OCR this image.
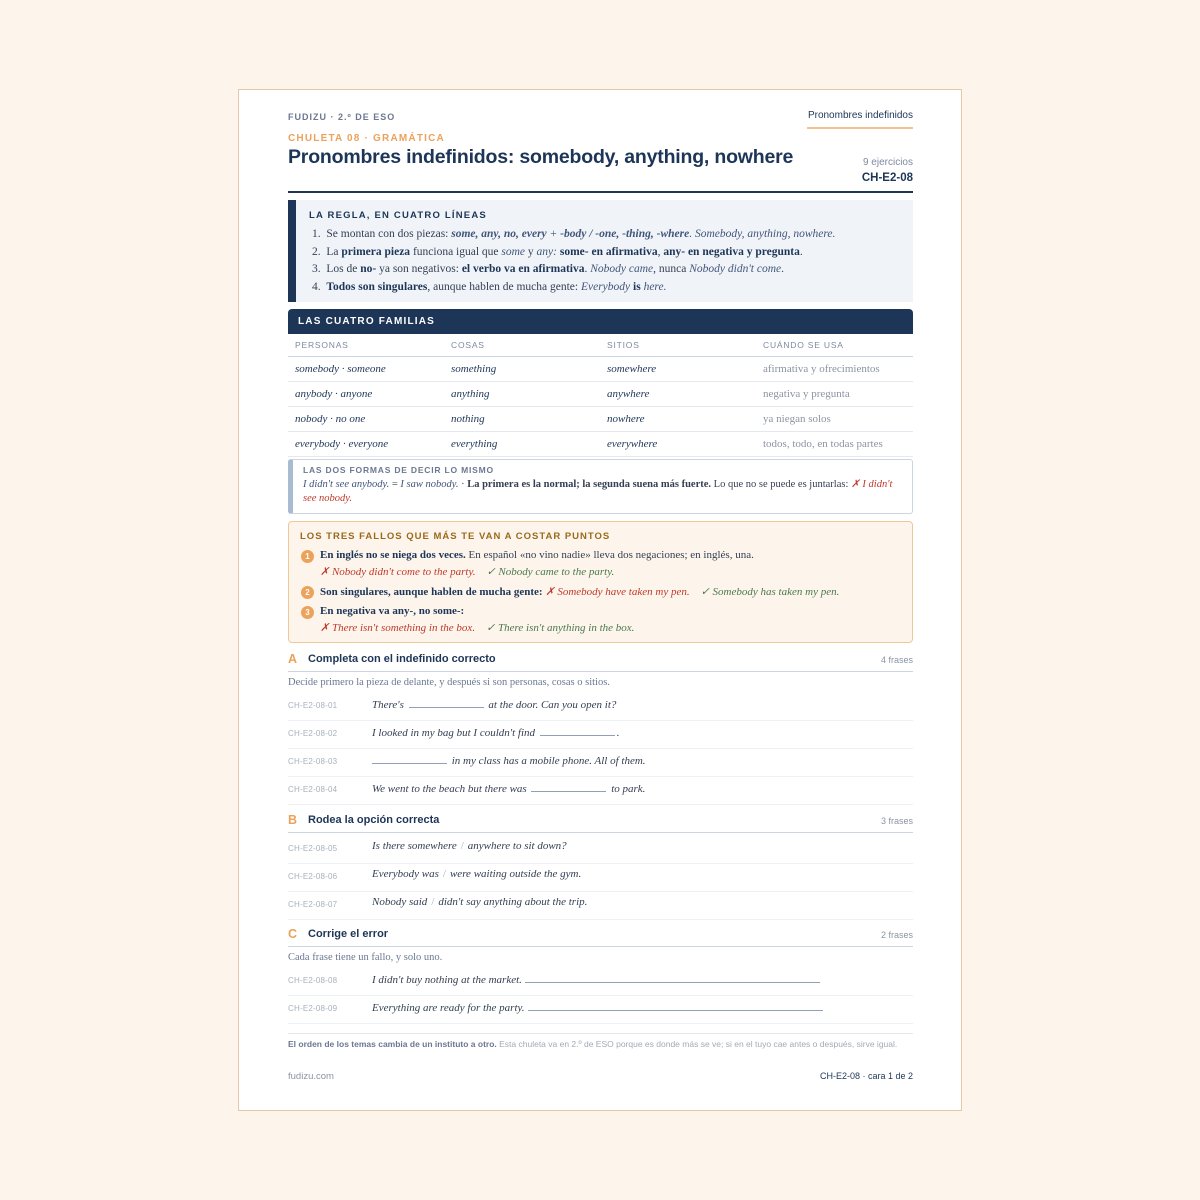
FUDIZU · 2.º DE ESO	Pronombres indefinidos
CHULETA 08 · GRAMÁTICA
Pronombres indefinidos: somebody, anything, nowhere	9 ejercicios
CH-E2-08
LA REGLA, EN CUATRO LÍNEAS
1.  Se montan con dos piezas: some, any, no, every + -body / -one, -thing, -where. Somebody, anything, nowhere.
2.  La primera pieza funciona igual que some y any: some- en afirmativa, any- en negativa y pregunta.
3.  Los de no- ya son negativos: el verbo va en afirmativa. Nobody came, nunca Nobody didn't come.
4.  Todos son singulares, aunque hablen de mucha gente: Everybody is here.
LAS CUATRO FAMILIAS
PERSONAS	COSAS	SITIOS	CUÁNDO SE USA
somebody · someone	something	somewhere	afirmativa y ofrecimientos
anybody · anyone	anything	anywhere	negativa y pregunta
nobody · no one	nothing	nowhere	ya niegan solos
everybody · everyone	everything	everywhere	todos, todo, en todas partes
LAS DOS FORMAS DE DECIR LO MISMO

I didn't see anybody. = I saw nobody. · La primera es la normal; la segunda suena más fuerte. Lo que no se puede es juntarlas: ✗ I didn't see nobody.

LOS TRES FALLOS QUE MÁS TE VAN A COSTAR PUNTOS
1 En inglés no se niega dos veces. En español «no vino nadie» lleva dos negaciones; en inglés, una.
✗ Nobody didn't come to the party. ✓ Nobody came to the party.
2 Son singulares, aunque hablen de mucha gente: ✗ Somebody have taken my pen. ✓ Somebody has taken my pen.
3 En negativa va any-, no some-:
✗ There isn't something in the box. ✓ There isn't anything in the box.
A Completa con el indefinido correcto	4 frases
Decide primero la pieza de delante, y después si son personas, cosas o sitios.
CH-E2-08-01	There's	at the door. Can you open it?
CH-E2-08-02	I looked in my bag but I couldn't find	.
CH-E2-08-03	in my class has a mobile phone. All of them.
CH-E2-08-04	We went to the beach but there was	to park.
B Rodea la opción correcta	3 frases
CH-E2-08-05	Is there somewhere / anywhere to sit down?
CH-E2-08-06	Everybody was / were waiting outside the gym.
CH-E2-08-07	Nobody said / didn't say anything about the trip.
C Corrige el error	2 frases
Cada frase tiene un fallo, y solo uno.
CH-E2-08-08	I didn't buy nothing at the market.
CH-E2-08-09	Everything are ready for the party.
El orden de los temas cambia de un instituto a otro. Esta chuleta va en 2.º de ESO porque es donde más se ve; si en el tuyo cae antes o después, sirve igual.
fudizu.com	CH-E2-08 · cara 1 de 2
